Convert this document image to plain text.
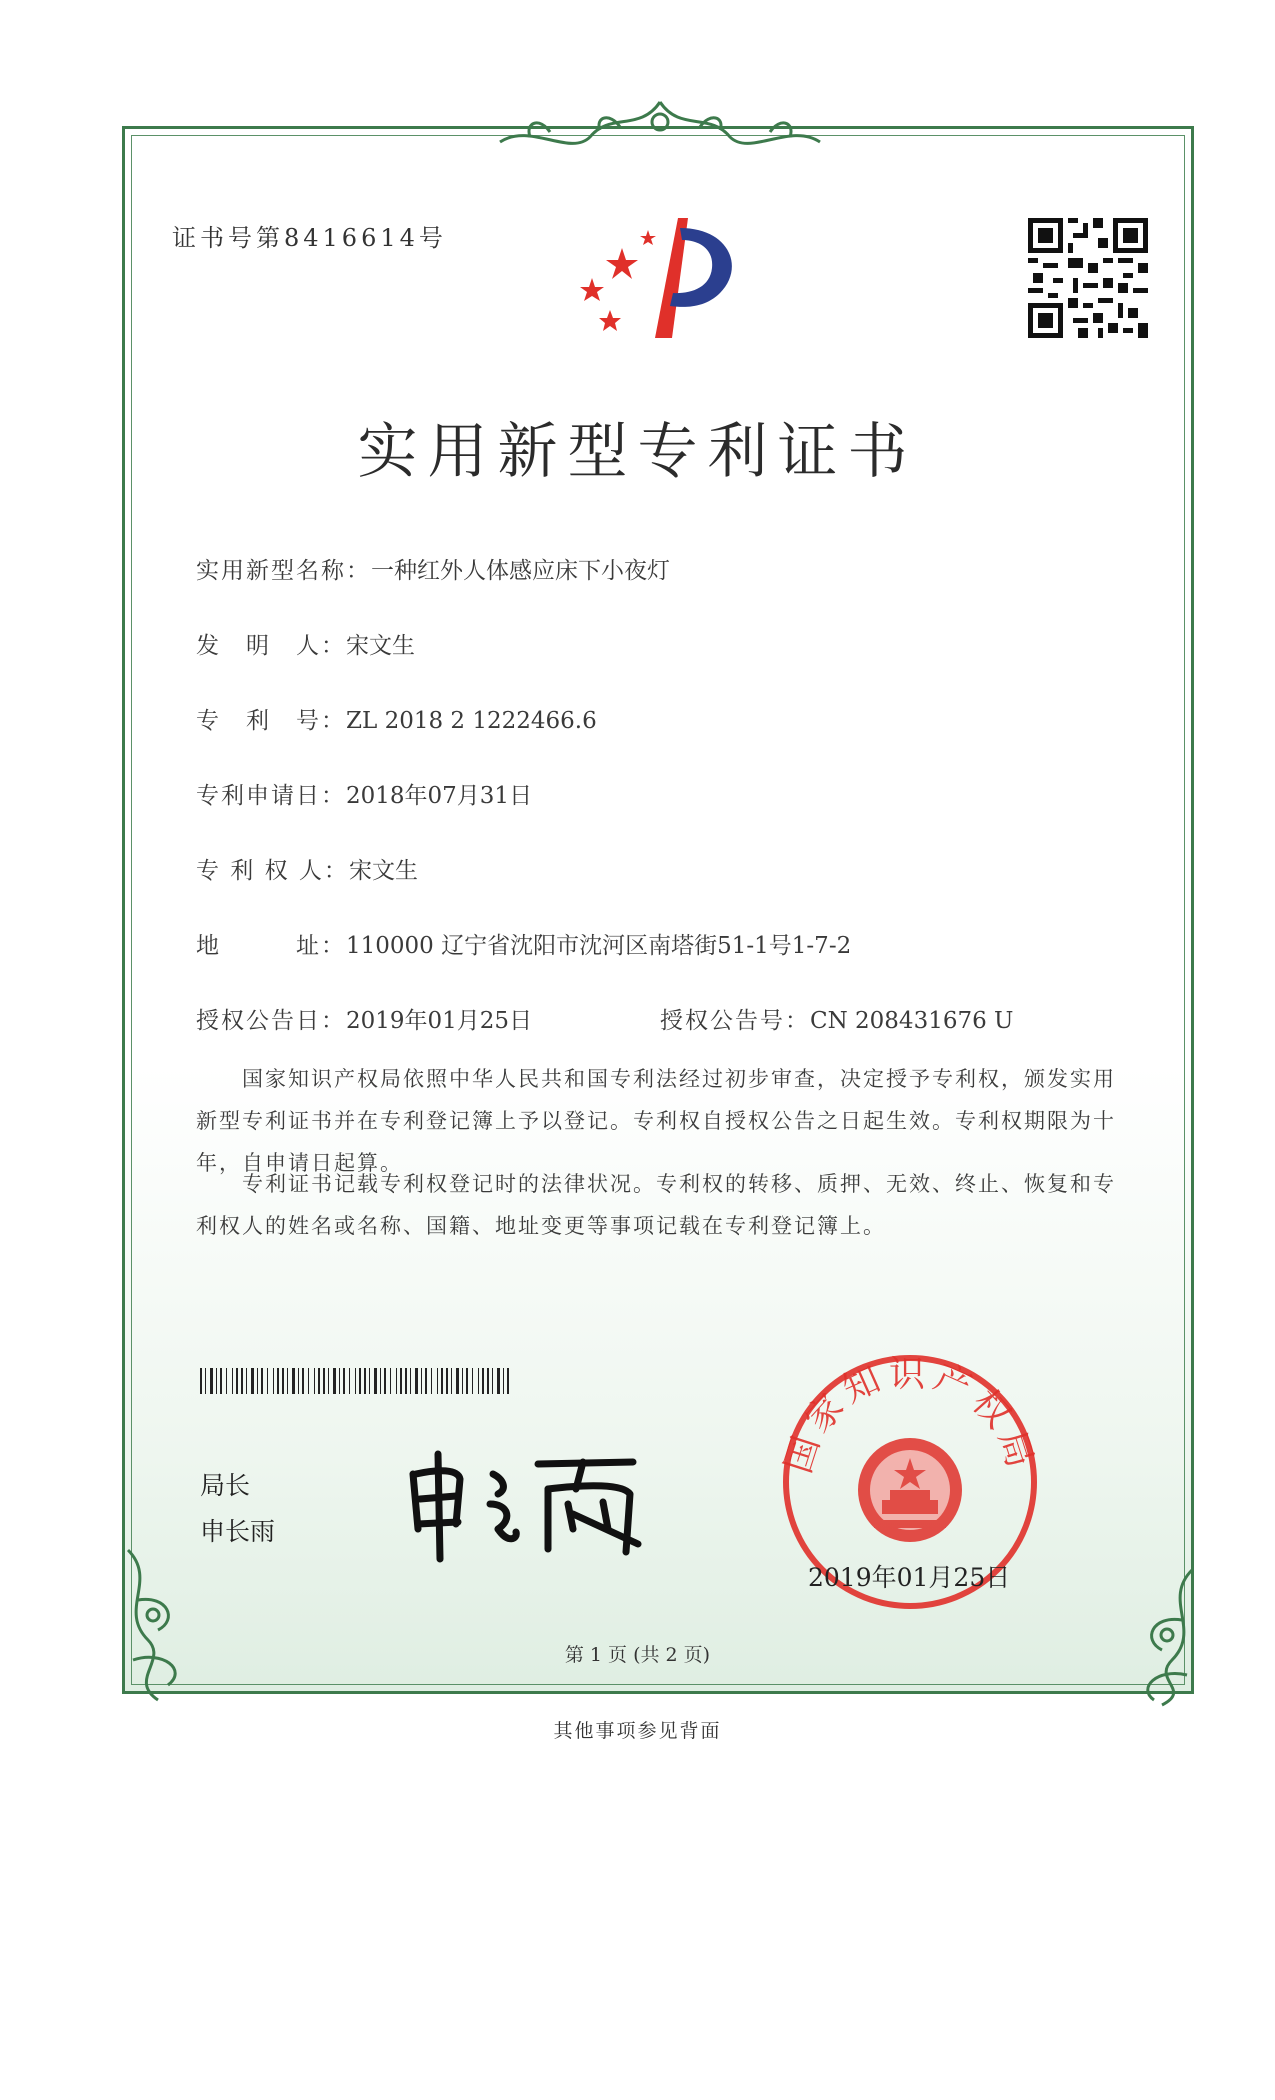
证书号第8416614号
实用新型专利证书
实用新型名称：一种红外人体感应床下小夜灯
发　明　人：宋文生
专　利　号：ZL 2018 2 1222466.6
专利申请日：2018年07月31日
专 利 权 人：宋文生
地　　　址：110000 辽宁省沈阳市沈河区南塔街51-1号1-7-2
授权公告日：2019年01月25日	授权公告号：CN 208431676 U
国家知识产权局依照中华人民共和国专利法经过初步审查，决定授予专利权，颁发实用新型专利证书并在专利登记簿上予以登记。专利权自授权公告之日起生效。专利权期限为十年，自申请日起算。
专利证书记载专利权登记时的法律状况。专利权的转移、质押、无效、终止、恢复和专利权人的姓名或名称、国籍、地址变更等事项记载在专利登记簿上。
局长
申长雨
国家知识产权局
2019年01月25日
第 1 页 (共 2 页)
其他事项参见背面
